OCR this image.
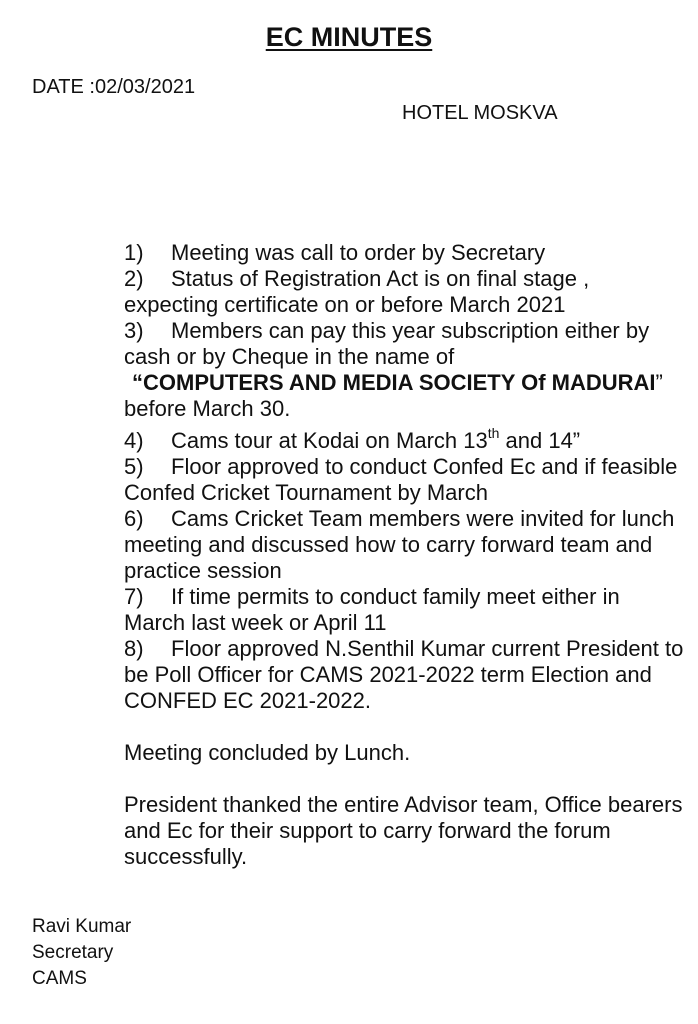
EC MINUTES
DATE :02/03/2021
HOTEL MOSKVA

1) Meeting was call to order by Secretary

2) Status of Registration Act is on final stage , expecting certificate on or before March 2021

3) Members can pay this year subscription either by cash or by Cheque in the name of
“COMPUTERS AND MEDIA SOCIETY Of MADURAI” before March 30.

4) Cams tour at Kodai on March 13th and 14”

5) Floor approved to conduct Confed Ec and if feasible  Confed Cricket Tournament by March

6) Cams Cricket Team members were invited for lunch meeting and discussed how to carry forward team and practice session

7) If time permits to conduct family meet either in March last week or April 11

8) Floor approved N.Senthil Kumar current President to be Poll Officer for CAMS 2021-2022 term Election and CONFED EC 2021-2022.

Meeting concluded by Lunch.

President thanked the entire Advisor team, Office bearers and Ec for their support to carry forward the forum successfully.

Ravi Kumar
Secretary
CAMS
